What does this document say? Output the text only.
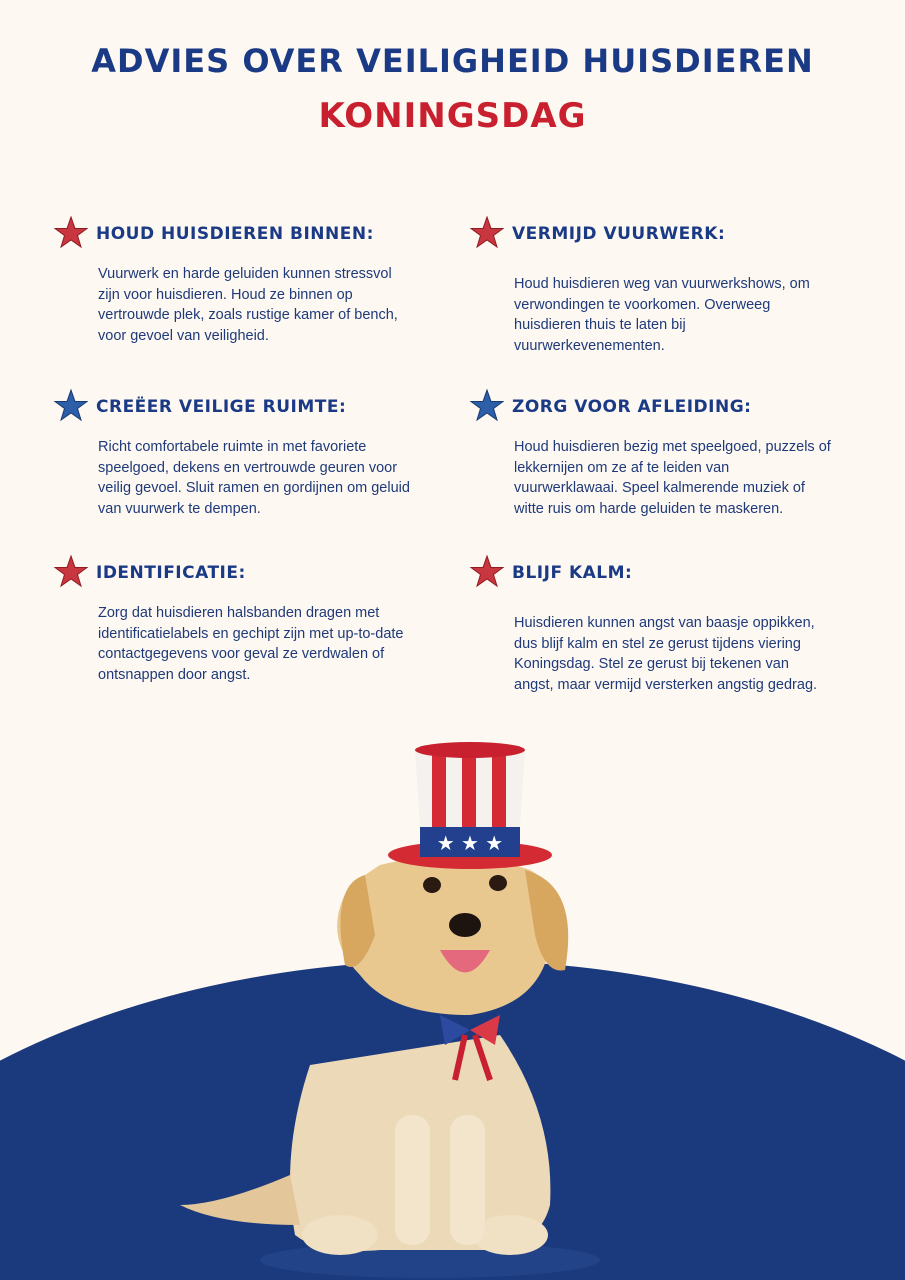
ADVIES OVER VEILIGHEID HUISDIEREN
KONINGSDAG
HOUD HUISDIEREN BINNEN:

Vuurwerk en harde geluiden kunnen stressvol zijn voor huisdieren. Houd ze binnen op vertrouwde plek, zoals rustige kamer of bench, voor gevoel van veiligheid.

VERMIJD VUURWERK:

Houd huisdieren weg van vuurwerkshows, om verwondingen te voorkomen. Overweeg huisdieren thuis te laten bij vuurwerkevenementen.

CREËER VEILIGE RUIMTE:

Richt comfortabele ruimte in met favoriete speelgoed, dekens en vertrouwde geuren voor veilig gevoel. Sluit ramen en gordijnen om geluid van vuurwerk te dempen.

ZORG VOOR AFLEIDING:

Houd huisdieren bezig met speelgoed, puzzels of lekkernijen om ze af te leiden van vuurwerklawaai. Speel kalmerende muziek of witte ruis om harde geluiden te maskeren.

IDENTIFICATIE:

Zorg dat huisdieren halsbanden dragen met identificatielabels en gechipt zijn met up-to-date contactgegevens voor geval ze verdwalen of ontsnappen door angst.

BLIJF KALM:

Huisdieren kunnen angst van baasje oppikken, dus blijf kalm en stel ze gerust tijdens viering Koningsdag. Stel ze gerust bij tekenen van angst, maar vermijd versterken angstig gedrag.

★ ★ ★
